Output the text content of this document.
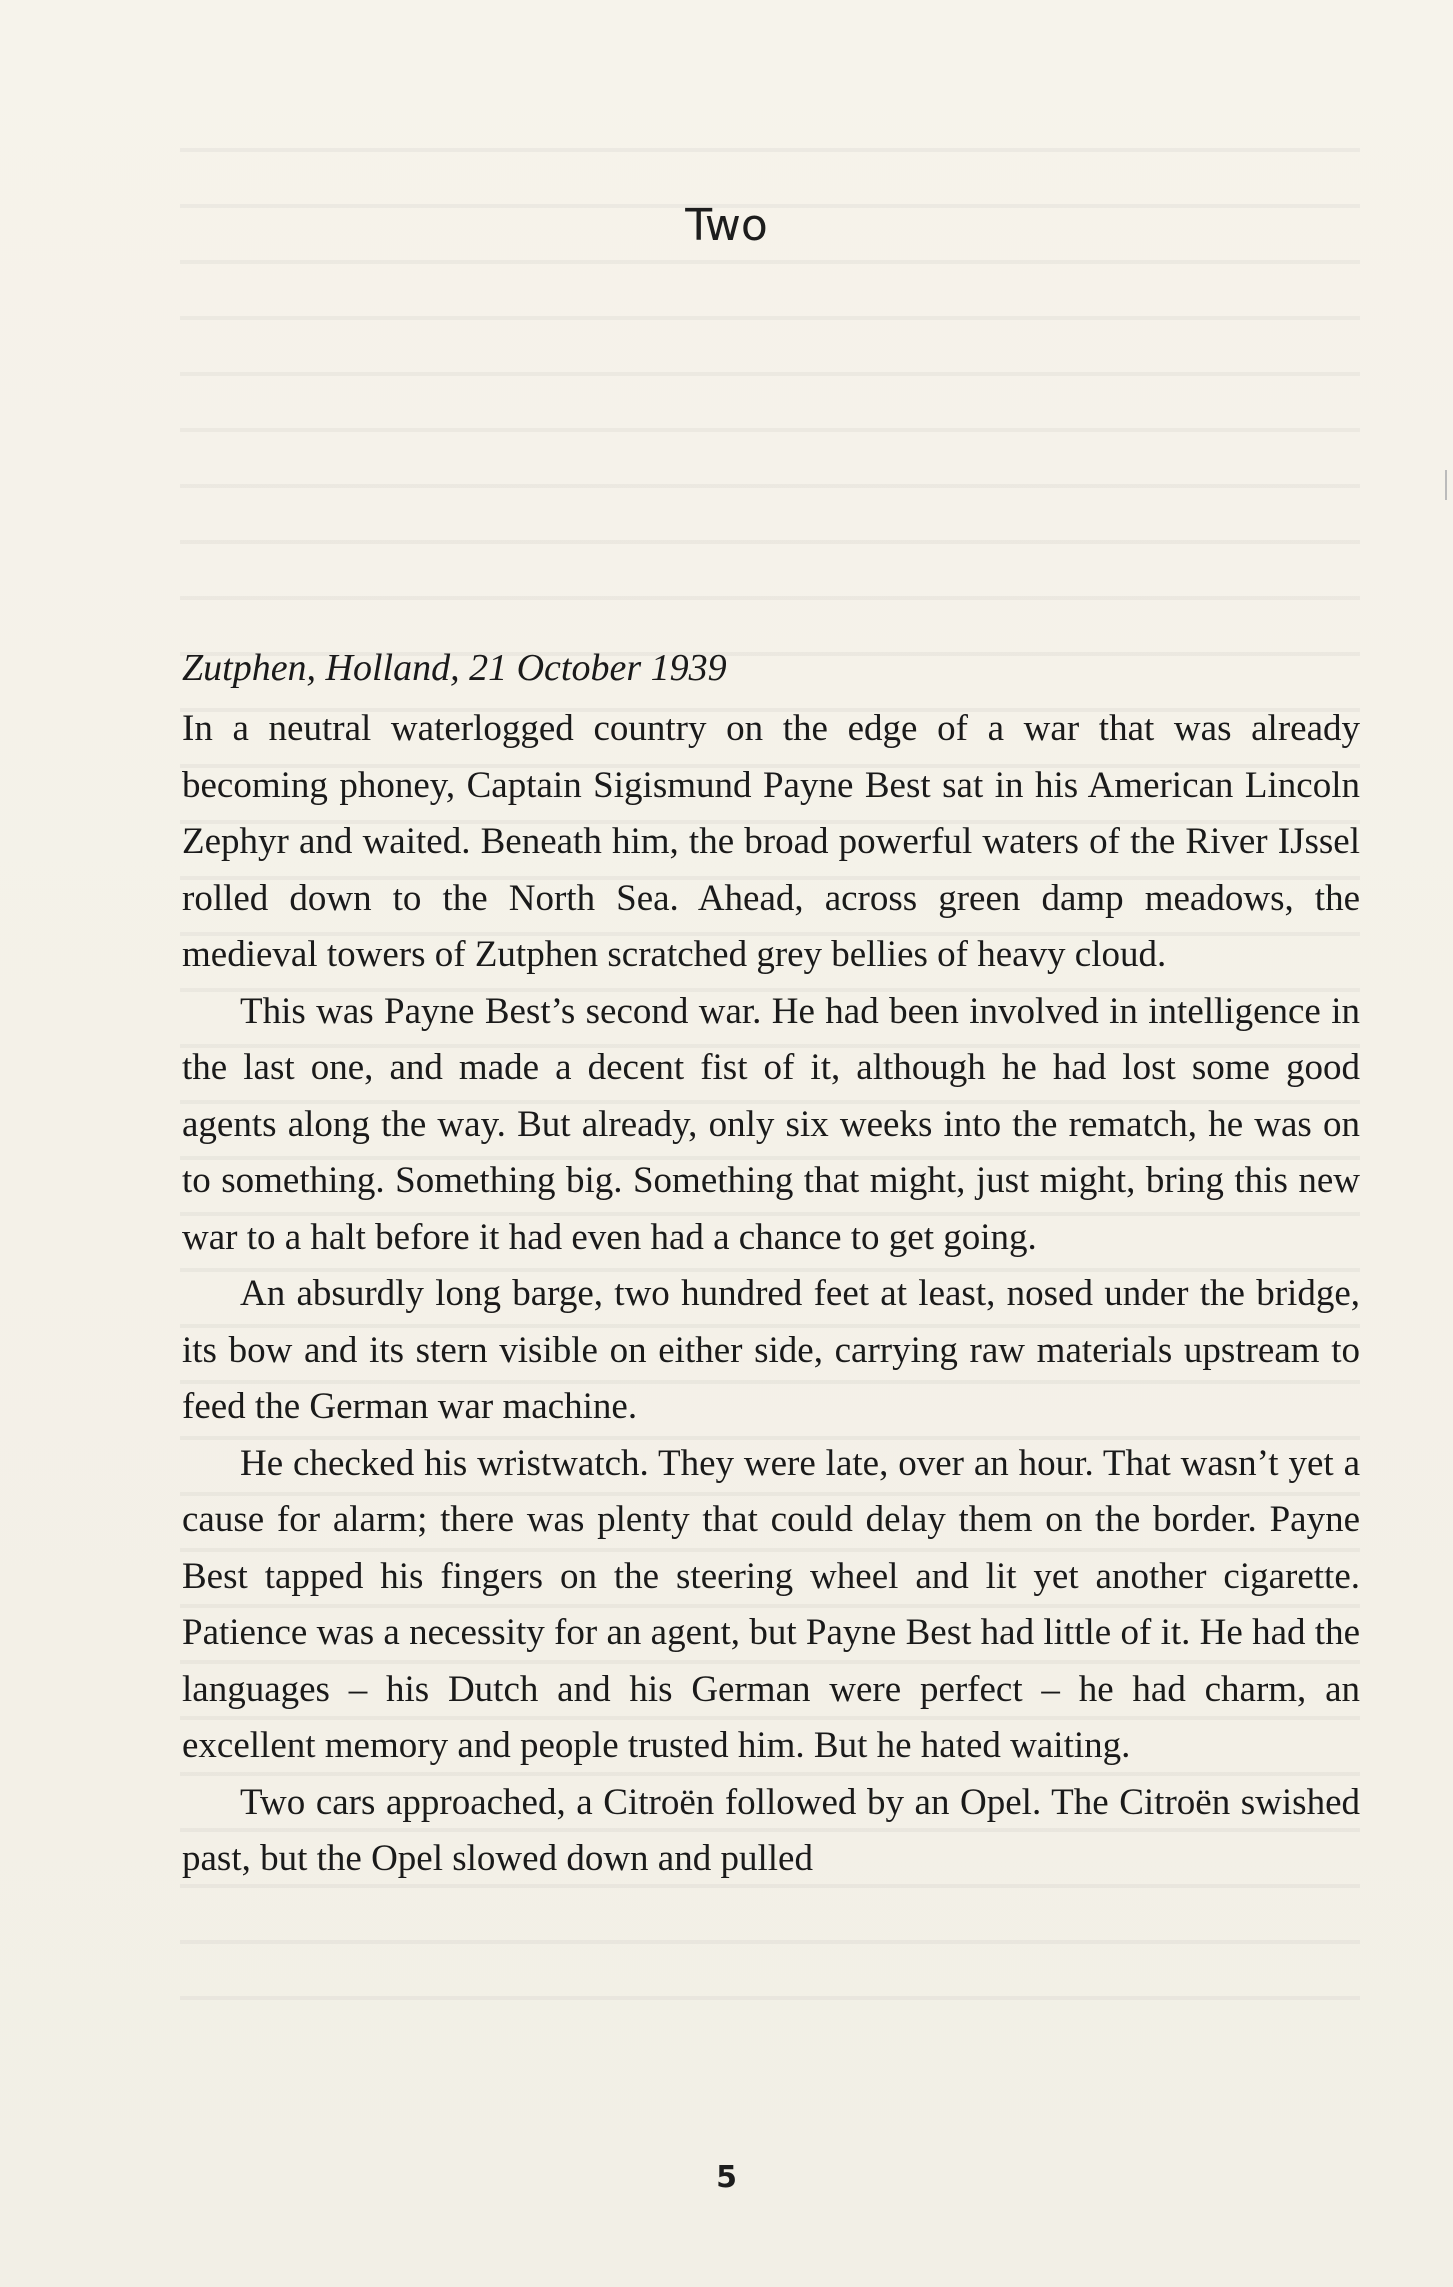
Two

Zutphen, Holland, 21 October 1939

In a neutral waterlogged country on the edge of a war that was already becoming phoney, Captain Sigismund Payne Best sat in his American Lincoln Zephyr and waited. Beneath him, the broad powerful waters of the River IJssel rolled down to the North Sea. Ahead, across green damp meadows, the medieval towers of Zutphen scratched grey bellies of heavy cloud.

This was Payne Best’s second war. He had been involved in intelligence in the last one, and made a decent fist of it, although he had lost some good agents along the way. But already, only six weeks into the rematch, he was on to something. Something big. Something that might, just might, bring this new war to a halt before it had even had a chance to get going.

An absurdly long barge, two hundred feet at least, nosed under the bridge, its bow and its stern visible on either side, carrying raw materials upstream to feed the German war machine.

He checked his wristwatch. They were late, over an hour. That wasn’t yet a cause for alarm; there was plenty that could delay them on the border. Payne Best tapped his fingers on the steering wheel and lit yet another cigarette. Patience was a necessity for an agent, but Payne Best had little of it. He had the languages – his Dutch and his German were perfect – he had charm, an excellent memory and people trusted him. But he hated waiting.

Two cars approached, a Citroën followed by an Opel. The Citroën swished past, but the Opel slowed down and pulled

5
